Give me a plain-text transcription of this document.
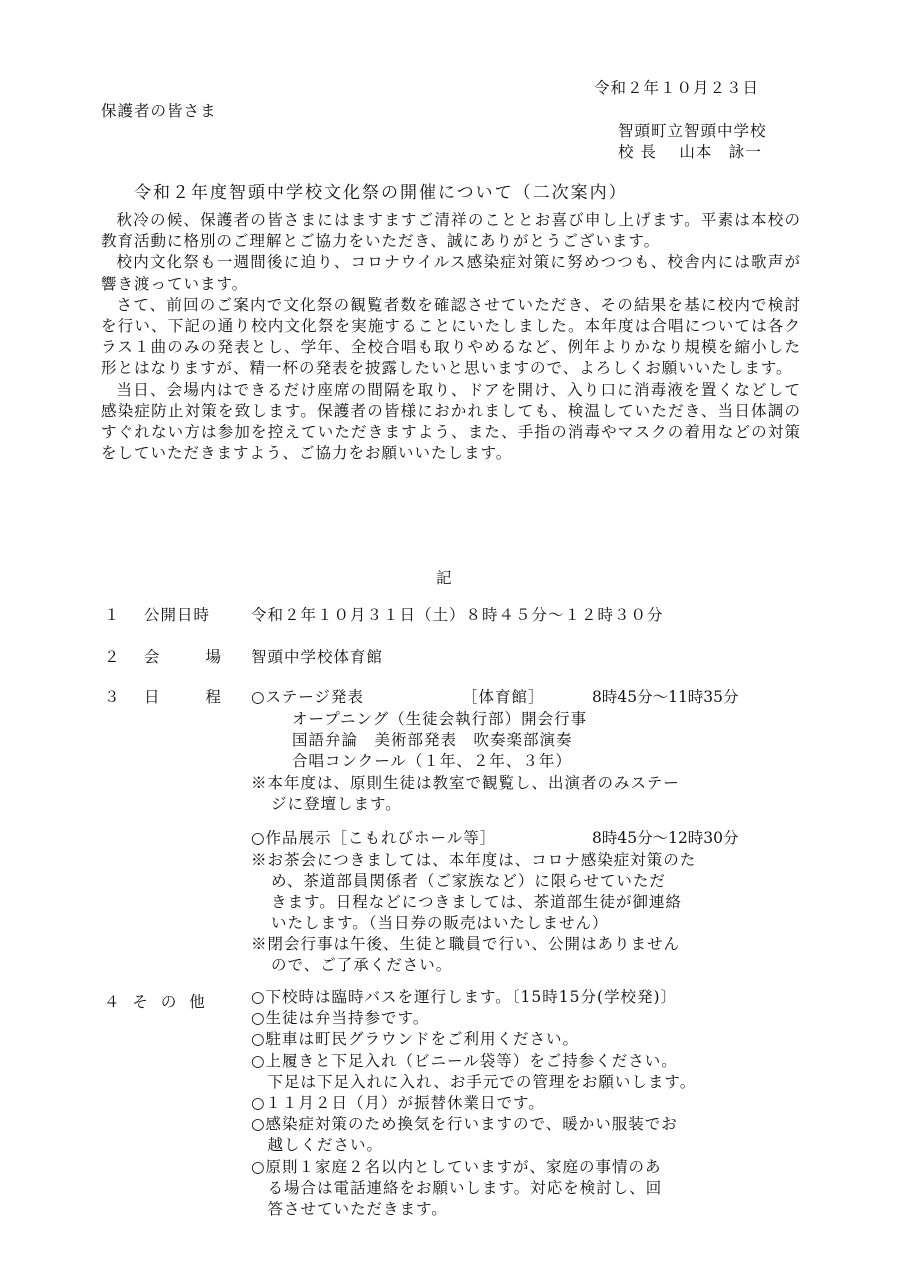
令和２年１０月２３日
保護者の皆さま
智頭町立智頭中学校
校 長 　山本　詠一
令和２年度智頭中学校文化祭の開催について（二次案内）

秋冷の候、保護者の皆さまにはますますご清祥のこととお喜び申し上げます。平素は本校の教育活動に格別のご理解とご協力をいただき、誠にありがとうございます。

校内文化祭も一週間後に迫り、コロナウイルス感染症対策に努めつつも、校舎内には歌声が響き渡っています。

さて、前回のご案内で文化祭の観覧者数を確認させていただき、その結果を基に校内で検討を行い、下記の通り校内文化祭を実施することにいたしました。本年度は合唱については各クラス１曲のみの発表とし、学年、全校合唱も取りやめるなど、例年よりかなり規模を縮小した形とはなりますが、精一杯の発表を披露したいと思いますので、よろしくお願いいたします。

当日、会場内はできるだけ座席の間隔を取り、ドアを開け、入り口に消毒液を置くなどして感染症防止対策を致します。保護者の皆様におかれましても、検温していただき、当日体調のすぐれない方は参加を控えていただきますよう、また、手指の消毒やマスクの着用などの対策をしていただきますよう、ご協力をお願いいたします。

記
１ 公開日時	令和２年１０月３１日（土）８時４５分～１２時３０分
２ 会　　場 智頭中学校体育館
３ 日　　程 ○ステージ発表	［体育館］	8時45分～11時35分
オープニング（生徒会執行部）開会行事
国語弁論　美術部発表　吹奏楽部演奏
合唱コンクール（１年、２年、３年）
※本年度は、原則生徒は教室で観覧し、出演者のみステー
ジに登壇します。
○作品展示［こもれびホール等］	8時45分～12時30分
※お茶会につきましては、本年度は、コロナ感染症対策のた
め、茶道部員関係者（ご家族など）に限らせていただ
きます。日程などにつきましては、茶道部生徒が御連絡
いたします。（当日券の販売はいたしません）
※閉会行事は午後、生徒と職員で行い、公開はありません
ので、ご了承ください。
４ そ の 他	○下校時は臨時バスを運行します。〔15時15分(学校発)〕
○生徒は弁当持参です。
○駐車は町民グラウンドをご利用ください。
○上履きと下足入れ（ビニール袋等）をご持参ください。
　下足は下足入れに入れ、お手元での管理をお願いします。
○１１月２日（月）が振替休業日です。
○感染症対策のため換気を行いますので、暖かい服装でお
　越しください。
○原則１家庭２名以内としていますが、家庭の事情のあ
　る場合は電話連絡をお願いします。対応を検討し、回
　答させていただきます。
